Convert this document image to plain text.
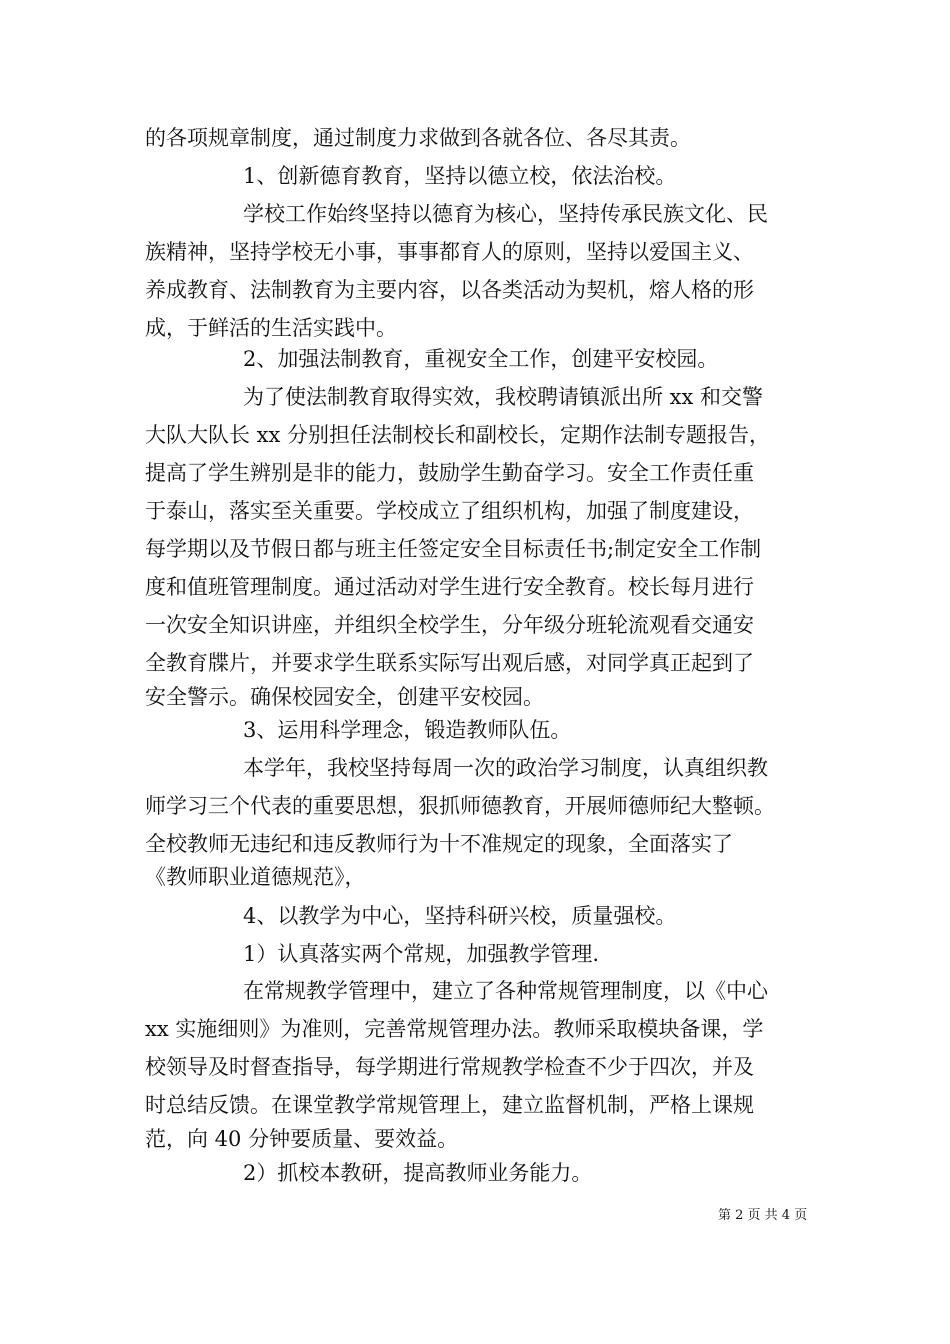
的各项规章制度，通过制度力求做到各就各位、各尽其责。
1、创新德育教育，坚持以德立校，依法治校。
学校工作始终坚持以德育为核心，坚持传承民族文化、民
族精神，坚持学校无小事，事事都育人的原则，坚持以爱国主义、
养成教育、法制教育为主要内容，以各类活动为契机，熔人格的形
成，于鲜活的生活实践中。
2、加强法制教育，重视安全工作，创建平安校园。
为了使法制教育取得实效，我校聘请镇派出所 xx 和交警
大队大队长 xx 分别担任法制校长和副校长，定期作法制专题报告，
提高了学生辨别是非的能力，鼓励学生勤奋学习。安全工作责任重
于泰山，落实至关重要。学校成立了组织机构，加强了制度建设，
每学期以及节假日都与班主任签定安全目标责任书;制定安全工作制
度和值班管理制度。通过活动对学生进行安全教育。校长每月进行
一次安全知识讲座，并组织全校学生，分年级分班轮流观看交通安
全教育牒片，并要求学生联系实际写出观后感，对同学真正起到了
安全警示。确保校园安全，创建平安校园。
3、运用科学理念，锻造教师队伍。
本学年，我校坚持每周一次的政治学习制度，认真组织教
师学习三个代表的重要思想，狠抓师德教育，开展师德师纪大整顿。
全校教师无违纪和违反教师行为十不准规定的现象，全面落实了
《教师职业道德规范》，
4、以教学为中心，坚持科研兴校，质量强校。
1）认真落实两个常规，加强教学管理.
在常规教学管理中，建立了各种常规管理制度，以《中心
xx 实施细则》为准则，完善常规管理办法。教师采取模块备课，学
校领导及时督查指导，每学期进行常规教学检查不少于四次，并及
时总结反馈。在课堂教学常规管理上，建立监督机制，严格上课规
范，向 40 分钟要质量、要效益。
2）抓校本教研，提高教师业务能力。
第 2 页 共 4 页
